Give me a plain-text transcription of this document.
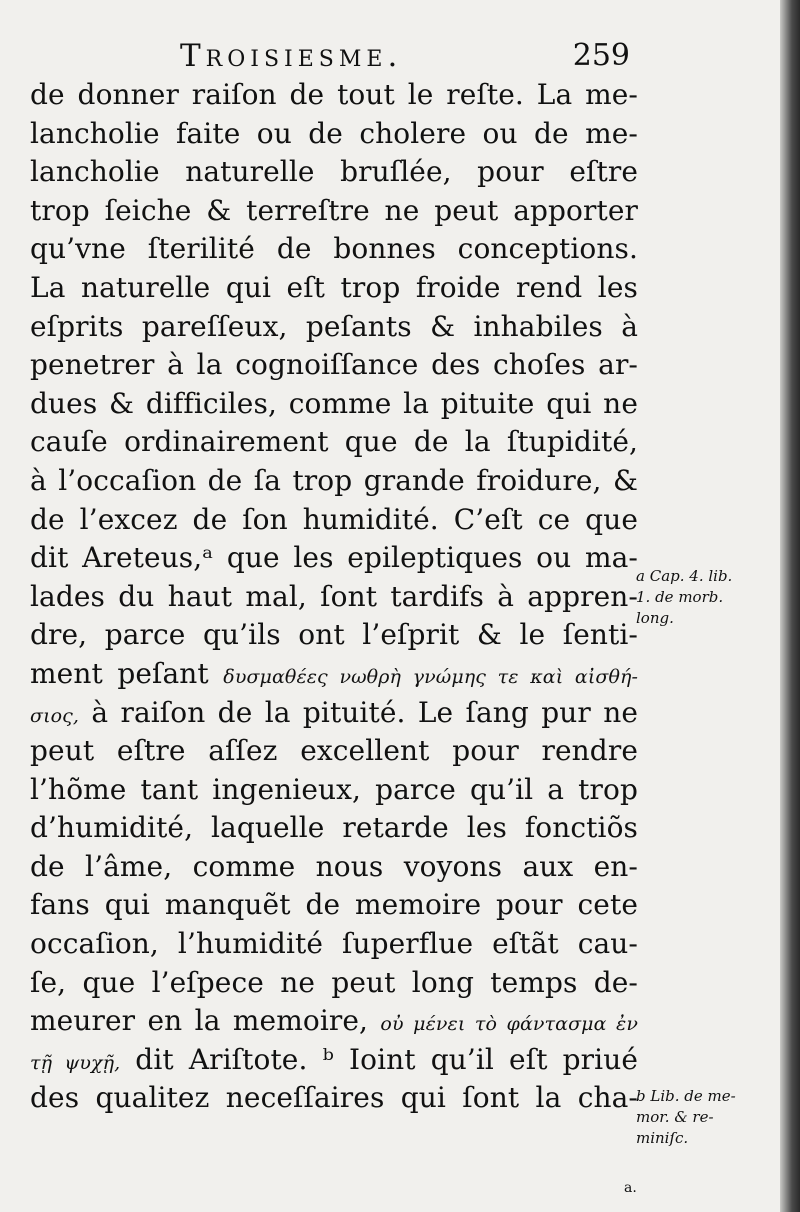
Troisiesme.	259
de donner raiſon de tout le reſte. La me-
lancholie faite ou de cholere ou de me-
lancholie naturelle bruſlée, pour eſtre
trop ſeiche & terreſtre ne peut apporter
qu’vne ſterilité de bonnes conceptions.
La naturelle qui eſt trop froide rend les
eſprits pareſſeux, peſants & inhabiles à
penetrer à la cognoiſſance des choſes ar-
dues & difficiles, comme la pituite qui ne
cauſe ordinairement que de la ſtupidité,
à l’occaſion de ſa trop grande froidure, &
de l’excez de ſon humidité. C’eſt ce que
dit Areteus,ᵃ que les epileptiques ou ma-
lades du haut mal, ſont tardifs à appren-
dre, parce qu’ils ont l’eſprit & le ſenti-
ment peſant δυσμαθέες νωθρὴ γνώμης τε καὶ αἰσθή-
σιος, à raiſon de la pituité. Le ſang pur ne
peut eſtre aſſez excellent pour rendre
l’hõme tant ingenieux, parce qu’il a trop
d’humidité, laquelle retarde les fonctiõs
de l’âme, comme nous voyons aux en-
fans qui manquẽt de memoire pour cete
occaſion, l’humidité ſuperflue eſtãt cau-
ſe, que l’eſpece ne peut long temps de-
meurer en la memoire, οὐ μένει τὸ φάντασμα ἐν
τῇ ψυχῇ, dit Ariſtote. ᵇ Ioint qu’il eſt priué
des qualitez neceſſaires qui ſont la cha-
a Cap. 4. lib.
1. de morb.
long.
b Lib. de me-
mor. & re-
miniſc.
a.
